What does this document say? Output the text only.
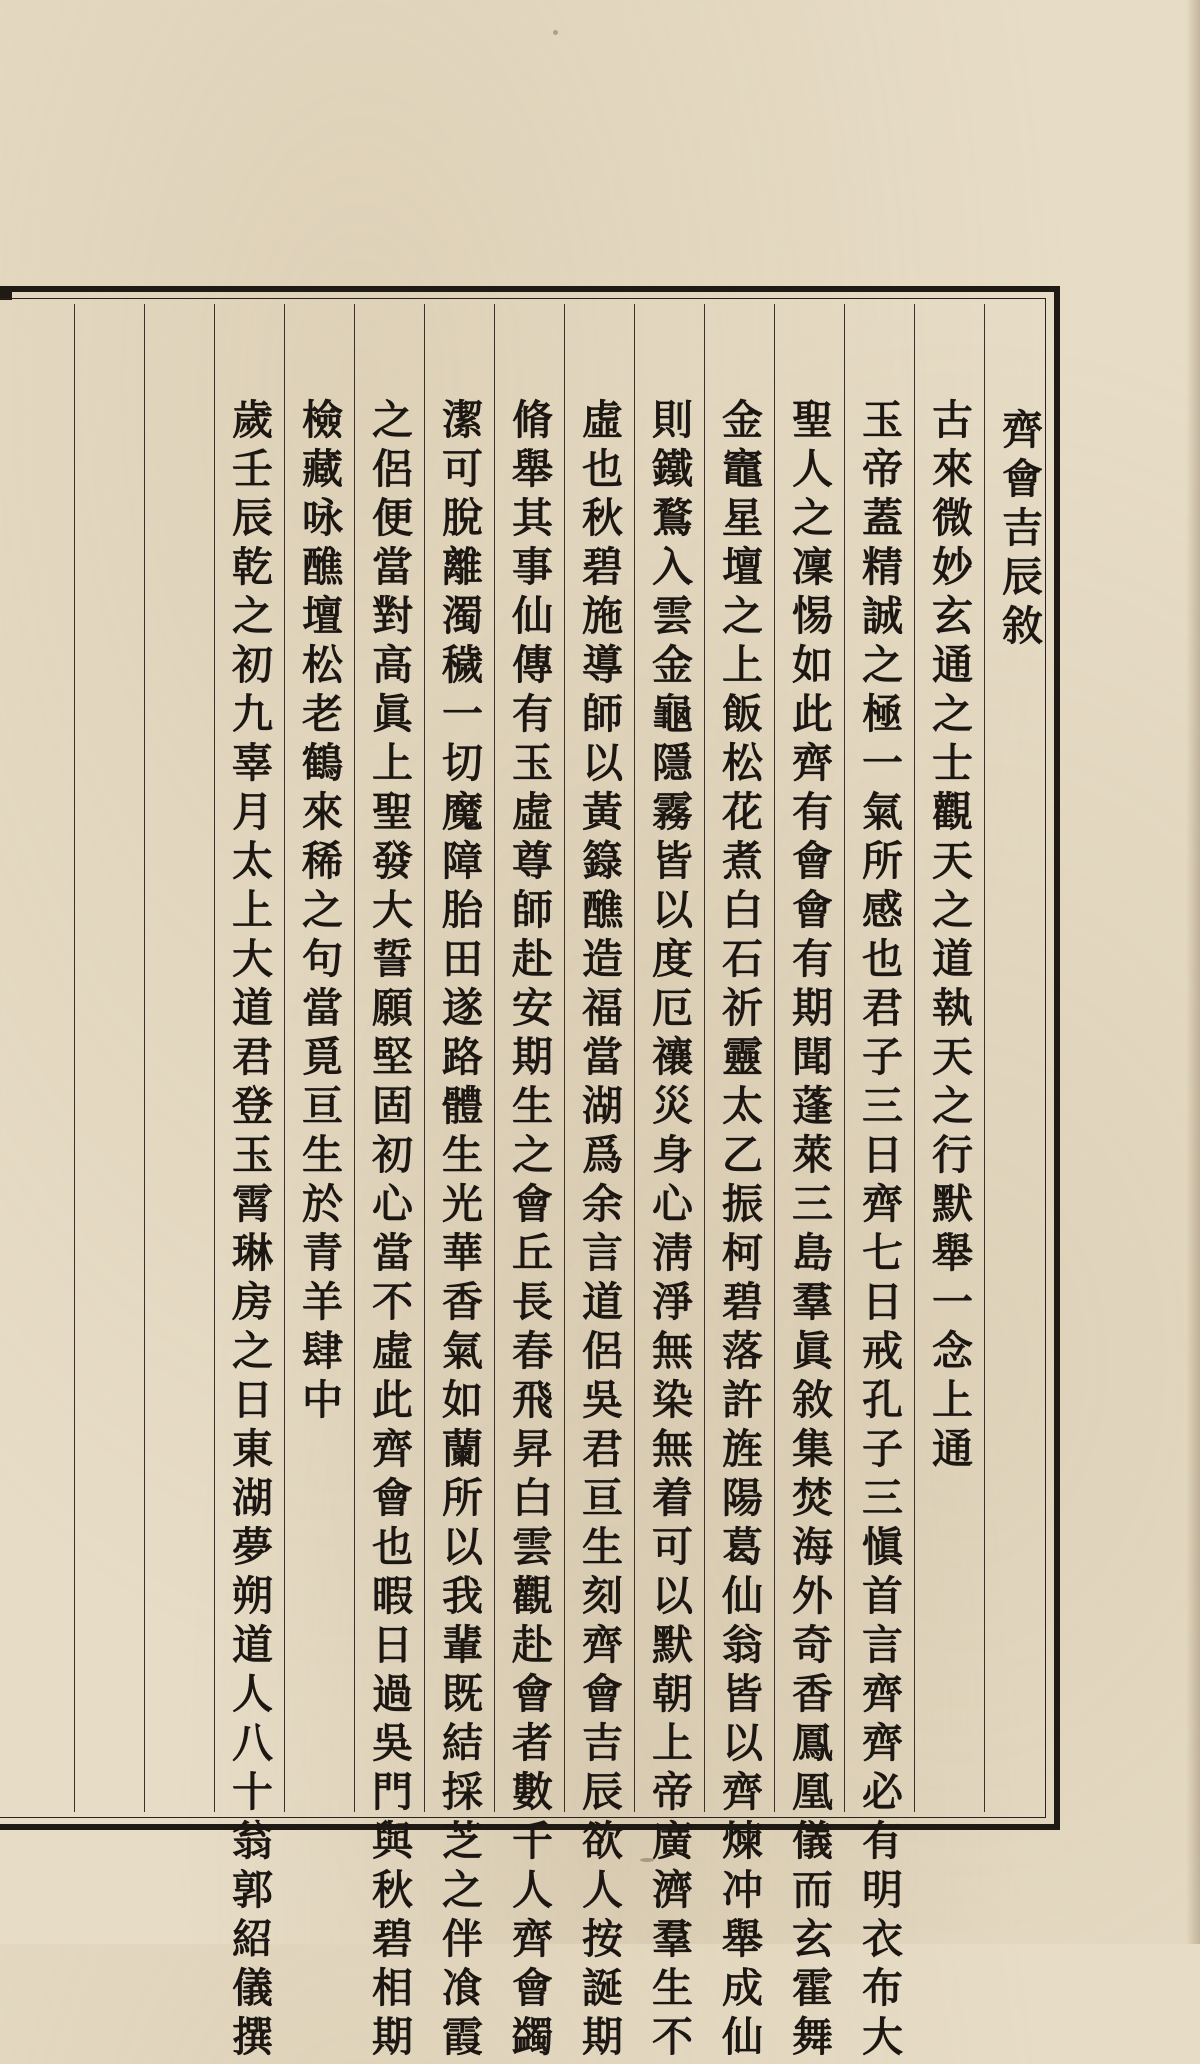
齊會吉辰敘
古來微妙玄通之士觀天之道執天之行默舉一念上通
玉帝蓋精誠之極一氣所感也君子三日齊七日戒孔子三愼首言齊齊必有明衣布大
聖人之凜惕如此齊有會會有期聞蓬萊三島羣眞敘集焚海外奇香鳳凰儀而玄霍舞
金竈星壇之上飯松花煮白石祈靈太乙振柯碧落許旌陽葛仙翁皆以齊煉冲舉成仙
則鐵鶩入雲金龜隱霧皆以度厄禳災身心淸淨無染無着可以默朝上帝廣濟羣生不
虛也秋碧施導師以黃籙醮造福當湖爲余言道侶吳君亘生刻齊會吉辰欲人按誕期
脩舉其事仙傳有玉虛尊師赴安期生之會丘長春飛昇白雲觀赴會者數千人齊會蠲
潔可脫離濁穢一切魔障胎田遂路體生光華香氣如蘭所以我輩既結採芝之伴飡霞
之侶便當對高眞上聖發大誓願堅固初心當不虛此齊會也暇日過吳門與秋碧相期
檢藏咏醮壇松老鶴來稀之句當覓亘生於青羊肆中
歲壬辰乾之初九辜月太上大道君登玉霄琳房之日東湖夢朔道人八十翁郭紹儀撰
